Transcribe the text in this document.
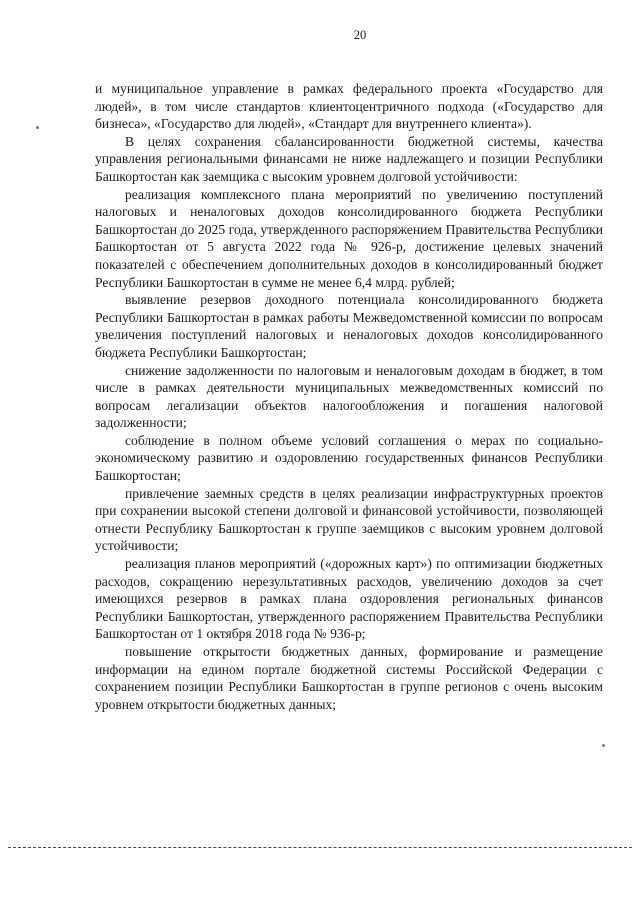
20

и муниципальное управление в рамках федерального проекта «Государство для людей», в том числе стандартов клиентоцентричного подхода («Государство для бизнеса», «Государство для людей», «Стандарт для внутреннего клиента»).

В целях сохранения сбалансированности бюджетной системы, качества управления региональными финансами не ниже надлежащего и позиции Республики Башкортостан как заемщика с высоким уровнем долговой устойчивости:

реализация комплексного плана мероприятий по увеличению поступлений налоговых и неналоговых доходов консолидированного бюджета Республики Башкортостан до 2025 года, утвержденного распоряжением Правительства Республики Башкортостан от 5 августа 2022 года № 926-р, достижение целевых значений показателей с обеспечением дополнительных доходов в консолидированный бюджет Республики Башкортостан в сумме не менее 6,4 млрд. рублей;

выявление резервов доходного потенциала консолидированного бюджета Республики Башкортостан в рамках работы Межведомственной комиссии по вопросам увеличения поступлений налоговых и неналоговых доходов консолидированного бюджета Республики Башкортостан;

снижение задолженности по налоговым и неналоговым доходам в бюджет, в том числе в рамках деятельности муниципальных межведомственных комиссий по вопросам легализации объектов налогообложения и погашения налоговой задолженности;

соблюдение в полном объеме условий соглашения о мерах по социально-экономическому развитию и оздоровлению государственных финансов Республики Башкортостан;

привлечение заемных средств в целях реализации инфраструктурных проектов при сохранении высокой степени долговой и финансовой устойчивости, позволяющей отнести Республику Башкортостан к группе заемщиков с высоким уровнем долговой устойчивости;

реализация планов мероприятий («дорожных карт») по оптимизации бюджетных расходов, сокращению нерезультативных расходов, увеличению доходов за счет имеющихся резервов в рамках плана оздоровления региональных финансов Республики Башкортостан, утвержденного распоряжением Правительства Республики Башкортостан от 1 октября 2018 года № 936-р;

повышение открытости бюджетных данных, формирование и размещение информации на едином портале бюджетной системы Российской Федерации с сохранением позиции Республики Башкортостан в группе регионов с очень высоким уровнем открытости бюджетных данных;
